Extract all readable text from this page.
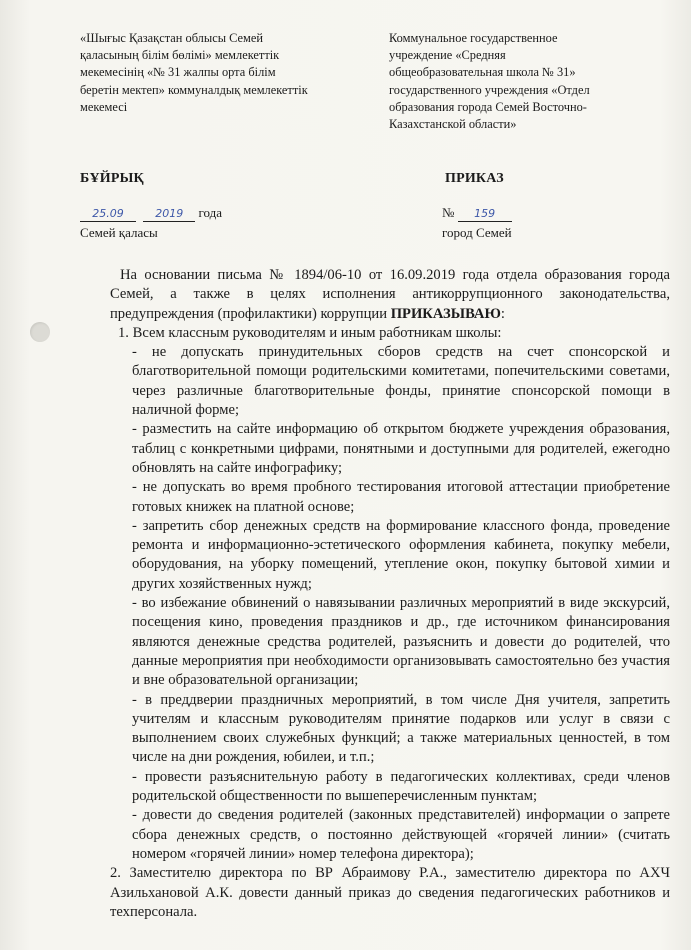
«Шығыс Қазақстан облысы Семей
қаласының білім бөлімі» мемлекеттік
мекемесінің «№ 31 жалпы орта білім
беретін мектеп» коммуналдық мемлекеттік
мекемесі
Коммунальное государственное
учреждение «Средняя
общеобразовательная школа № 31»
государственного учреждения «Отдел
образования города Семей Восточно-
Казахстанской области»
БҰЙРЫҚ	ПРИКАЗ
25.09	2019 года
Семей қаласы
№ 159
город Семей

На основании письма № 1894/06-10 от 16.09.2019 года отдела образования города Семей, а также в целях исполнения антикоррупционного законодательства, предупреждения (профилактики) коррупции ПРИКАЗЫВАЮ:

1. Всем классным руководителям и иным работникам школы:
- не допускать принудительных сборов средств на счет спонсорской и благотворительной помощи родительскими комитетами, попечительскими советами, через различные благотворительные фонды, принятие спонсорской помощи в наличной форме;
- разместить на сайте информацию об открытом бюджете учреждения образования, таблиц с конкретными цифрами, понятными и доступными для родителей, ежегодно обновлять на сайте инфографику;
- не допускать во время пробного тестирования итоговой аттестации приобретение готовых книжек на платной основе;
- запретить сбор денежных средств на формирование классного фонда, проведение ремонта и информационно-эстетического оформления кабинета, покупку мебели, оборудования, на уборку помещений, утепление окон, покупку бытовой химии и других хозяйственных нужд;
- во избежание обвинений о навязывании различных мероприятий в виде экскурсий, посещения кино, проведения праздников и др., где источником финансирования являются денежные средства родителей, разъяснить и довести до родителей, что данные мероприятия при необходимости организовывать самостоятельно без участия и вне образовательной организации;
- в преддверии праздничных мероприятий, в том числе Дня учителя, запретить учителям и классным руководителям принятие подарков или услуг в связи с выполнением своих служебных функций; а также материальных ценностей, в том числе на дни рождения, юбилеи, и т.п.;
- провести разъяснительную работу в педагогических коллективах, среди членов родительской общественности по вышеперечисленным пунктам;
- довести до сведения родителей (законных представителей) информации о запрете сбора денежных средств, о постоянно действующей «горячей линии» (считать номером «горячей линии» номер телефона директора);
2. Заместителю директора по ВР Абраимову Р.А., заместителю директора по АХЧ Азильхановой А.К. довести данный приказ до сведения педагогических работников и техперсонала.
